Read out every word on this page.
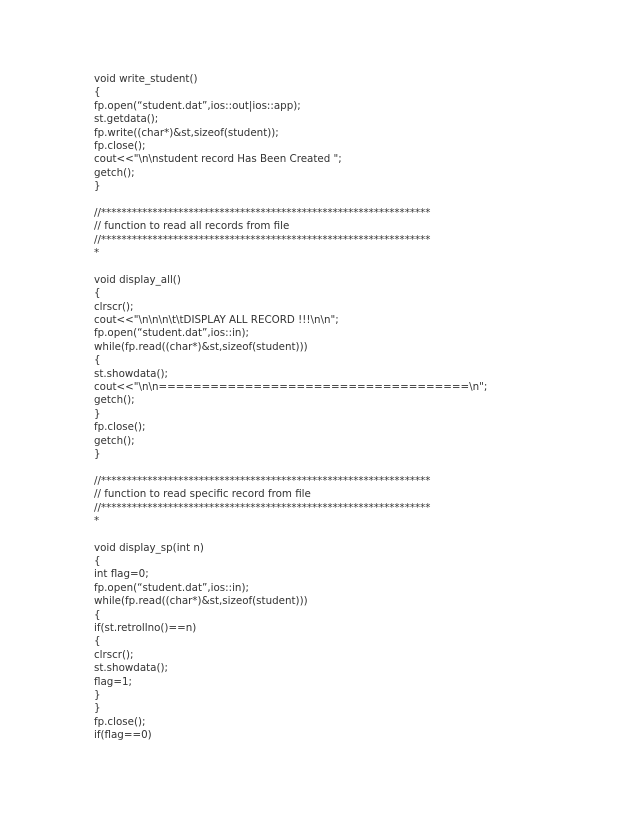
void write_student()
{
fp.open(“student.dat”,ios::out|ios::app);
st.getdata();
fp.write((char*)&st,sizeof(student));
fp.close();
cout<<"\n\nstudent record Has Been Created ";
getch();
}
//****************************************************************
// function to read all records from file
//****************************************************************
*
void display_all()
{
clrscr();
cout<<"\n\n\n\t\tDISPLAY ALL RECORD !!!\n\n";
fp.open(“student.dat”,ios::in);
while(fp.read((char*)&st,sizeof(student)))
{
st.showdata();
cout<<"\n\n====================================\n";
getch();
}
fp.close();
getch();
}
//****************************************************************
// function to read specific record from file
//****************************************************************
*
void display_sp(int n)
{
int flag=0;
fp.open(“student.dat”,ios::in);
while(fp.read((char*)&st,sizeof(student)))
{
if(st.retrollno()==n)
{
clrscr();
st.showdata();
flag=1;
}
}
fp.close();
if(flag==0)
